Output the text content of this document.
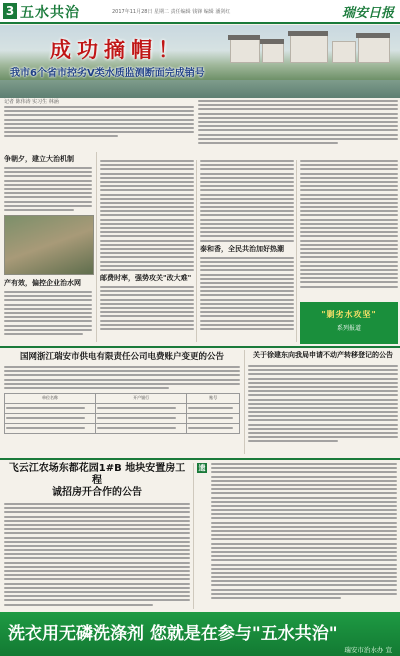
3 五水共治	2017年11月28日 星期二 责任编辑 钱锋 编辑 潘剑红	瑞安日报
成功摘帽！
我市6个省市控劣Ⅴ类水质监测断面完成销号
记者 陈伟涛 实习生 林涵
争朝夕，建立大治机制
产有效，偏控企业治水网
邮费时率，强势攻关"改大难"
泰和香，全民共治加好热潮
"剿劣水攻坚"
系列报道
国网浙江瑞安市供电有限责任公司电费账户变更的公告
单位名称	开户银行	账号

关于徐建东向我局申请不动产转移登记的公告
飞云江农场东都花园1#B 地块安置房工程
诚招房开合作的公告
遗
洗衣用无磷洗涤剂 您就是在参与"五水共治"
瑞安市治水办 宣
